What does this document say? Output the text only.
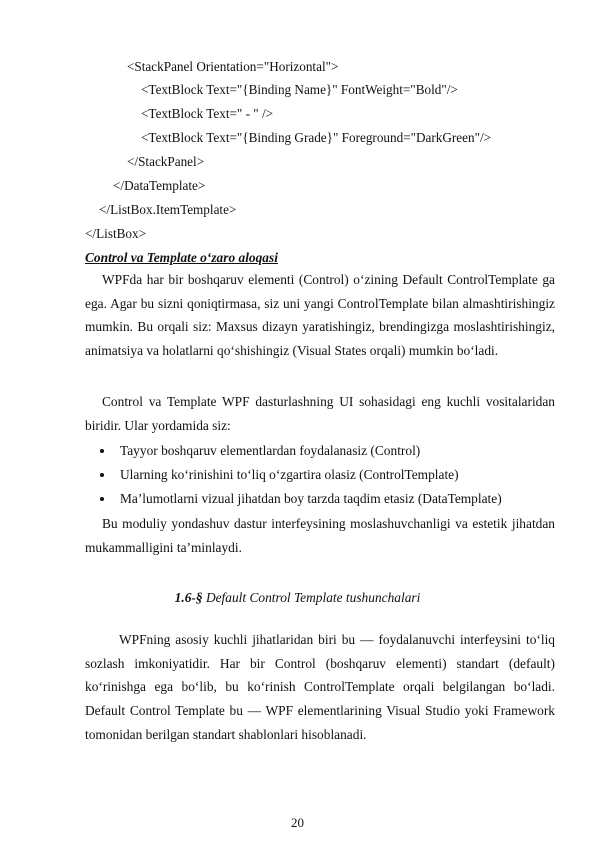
<StackPanel Orientation="Horizontal">
<TextBlock Text="{Binding Name}" FontWeight="Bold"/>
<TextBlock Text=" - " />
<TextBlock Text="{Binding Grade}" Foreground="DarkGreen"/>
</StackPanel>
</DataTemplate>
</ListBox.ItemTemplate>
</ListBox>
Control va Template o‘zaro aloqasi

WPFda har bir boshqaruv elementi (Control) o‘zining Default ControlTemplate ga ega. Agar bu sizni qoniqtirmasa, siz uni yangi ControlTemplate bilan almashtirishingiz mumkin. Bu orqali siz: Maxsus dizayn yaratishingiz, brendingizga moslashtirishingiz, animatsiya va holatlarni qo‘shishingiz (Visual States orqali) mumkin bo‘ladi.

Control va Template WPF dasturlashning UI sohasidagi eng kuchli vositalaridan biridir. Ular yordamida siz:

Tayyor boshqaruv elementlardan foydalanasiz (Control)
Ularning ko‘rinishini to‘liq o‘zgartira olasiz (ControlTemplate)
Ma’lumotlarni vizual jihatdan boy tarzda taqdim etasiz (DataTemplate)

Bu moduliy yondashuv dastur interfeysining moslashuvchanligi va estetik jihatdan mukammalligini ta’minlaydi.

1.6-§ Default Control Template tushunchalari

WPFning asosiy kuchli jihatlaridan biri bu — foydalanuvchi interfeysini to‘liq sozlash imkoniyatidir. Har bir Control (boshqaruv elementi) standart (default) ko‘rinishga ega bo‘lib, bu ko‘rinish ControlTemplate orqali belgilangan bo‘ladi. Default Control Template bu — WPF elementlarining Visual Studio yoki Framework tomonidan berilgan standart shablonlari hisoblanadi.

20
